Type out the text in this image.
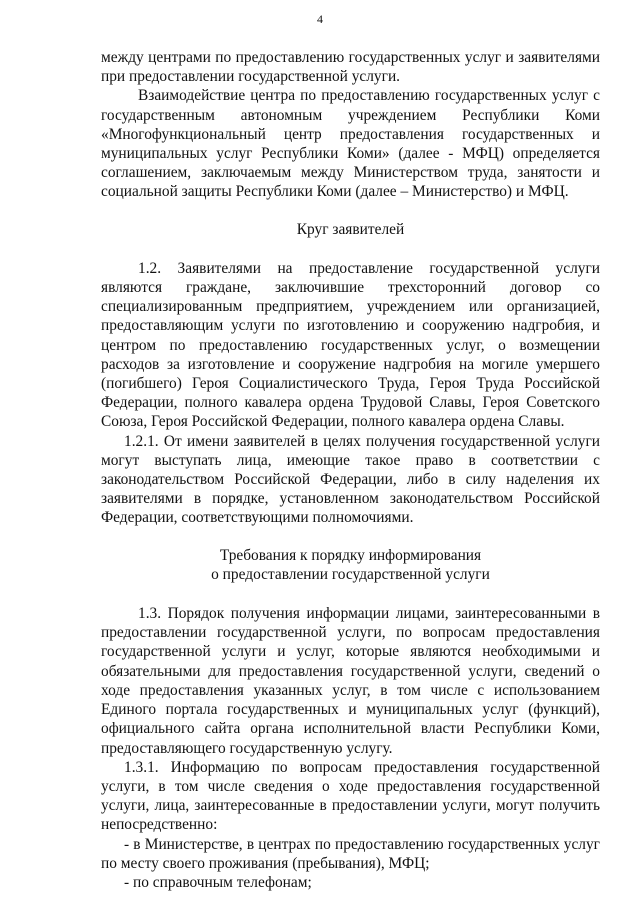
4

между центрами по предоставлению государственных услуг и заявителями при предоставлении государственной услуги.

Взаимодействие центра по предоставлению государственных услуг с государственным автономным учреждением Республики Коми «Многофункциональный центр предоставления государственных и муниципальных услуг Республики Коми» (далее - МФЦ) определяется соглашением, заключаемым между Министерством труда, занятости и социальной защиты Республики Коми (далее – Министерство) и МФЦ.

Круг заявителей

1.2. Заявителями на предоставление государственной услуги являются граждане, заключившие трехсторонний договор со специализированным предприятием, учреждением или организацией, предоставляющим услуги по изготовлению и сооружению надгробия, и центром по предоставлению государственных услуг, о возмещении расходов за изготовление и сооружение надгробия на могиле умершего (погибшего) Героя Социалистического Труда, Героя Труда Российской Федерации, полного кавалера ордена Трудовой Славы, Героя Советского Союза, Героя Российской Федерации, полного кавалера ордена Славы.

1.2.1. От имени заявителей в целях получения государственной услуги могут выступать лица, имеющие такое право в соответствии с законодательством Российской Федерации, либо в силу наделения их заявителями в порядке, установленном законодательством Российской Федерации, соответствующими полномочиями.

Требования к порядку информирования
о предоставлении государственной услуги

1.3. Порядок получения информации лицами, заинтересованными в предоставлении государственной услуги, по вопросам предоставления государственной услуги и услуг, которые являются необходимыми и обязательными для предоставления государственной услуги, сведений о ходе предоставления указанных услуг, в том числе с использованием Единого портала государственных и муниципальных услуг (функций), официального сайта органа исполнительной власти Республики Коми, предоставляющего государственную услугу.

1.3.1. Информацию по вопросам предоставления государственной услуги, в том числе сведения о ходе предоставления государственной услуги, лица, заинтересованные в предоставлении услуги, могут получить непосредственно:

- в Министерстве, в центрах по предоставлению государственных услуг по месту своего проживания (пребывания), МФЦ;

- по справочным телефонам;
